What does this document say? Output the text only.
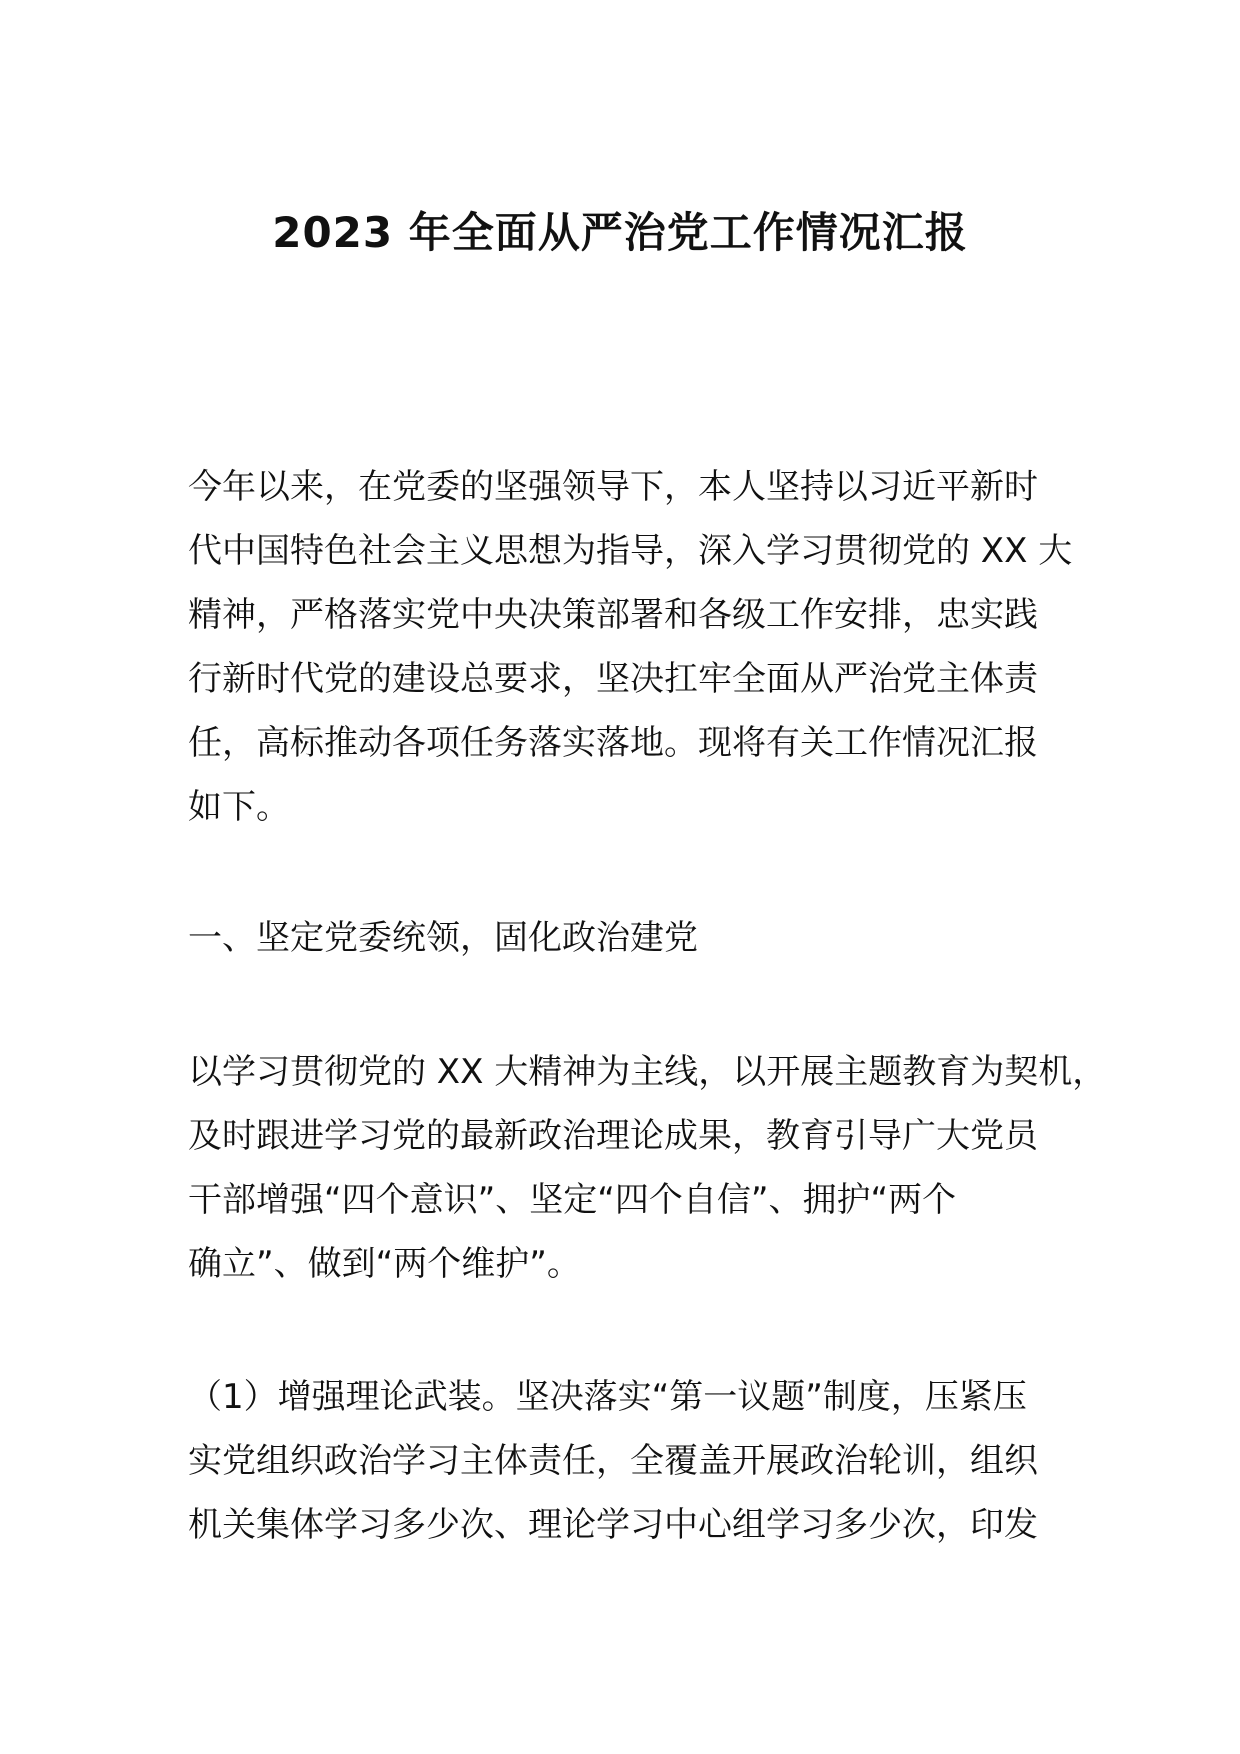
2023 年全面从严治党工作情况汇报
今年以来，在党委的坚强领导下，本人坚持以习近平新时
代中国特色社会主义思想为指导，深入学习贯彻党的 XX 大
精神，严格落实党中央决策部署和各级工作安排，忠实践
行新时代党的建设总要求，坚决扛牢全面从严治党主体责
任，高标推动各项任务落实落地。现将有关工作情况汇报
如下。
一、坚定党委统领，固化政治建党
以学习贯彻党的 XX 大精神为主线，以开展主题教育为契机，
及时跟进学习党的最新政治理论成果，教育引导广大党员
干部增强“四个意识”、坚定“四个自信”、拥护“两个
确立”、做到“两个维护”。
（1）增强理论武装。坚决落实“第一议题”制度，压紧压
实党组织政治学习主体责任，全覆盖开展政治轮训，组织
机关集体学习多少次、理论学习中心组学习多少次，印发
